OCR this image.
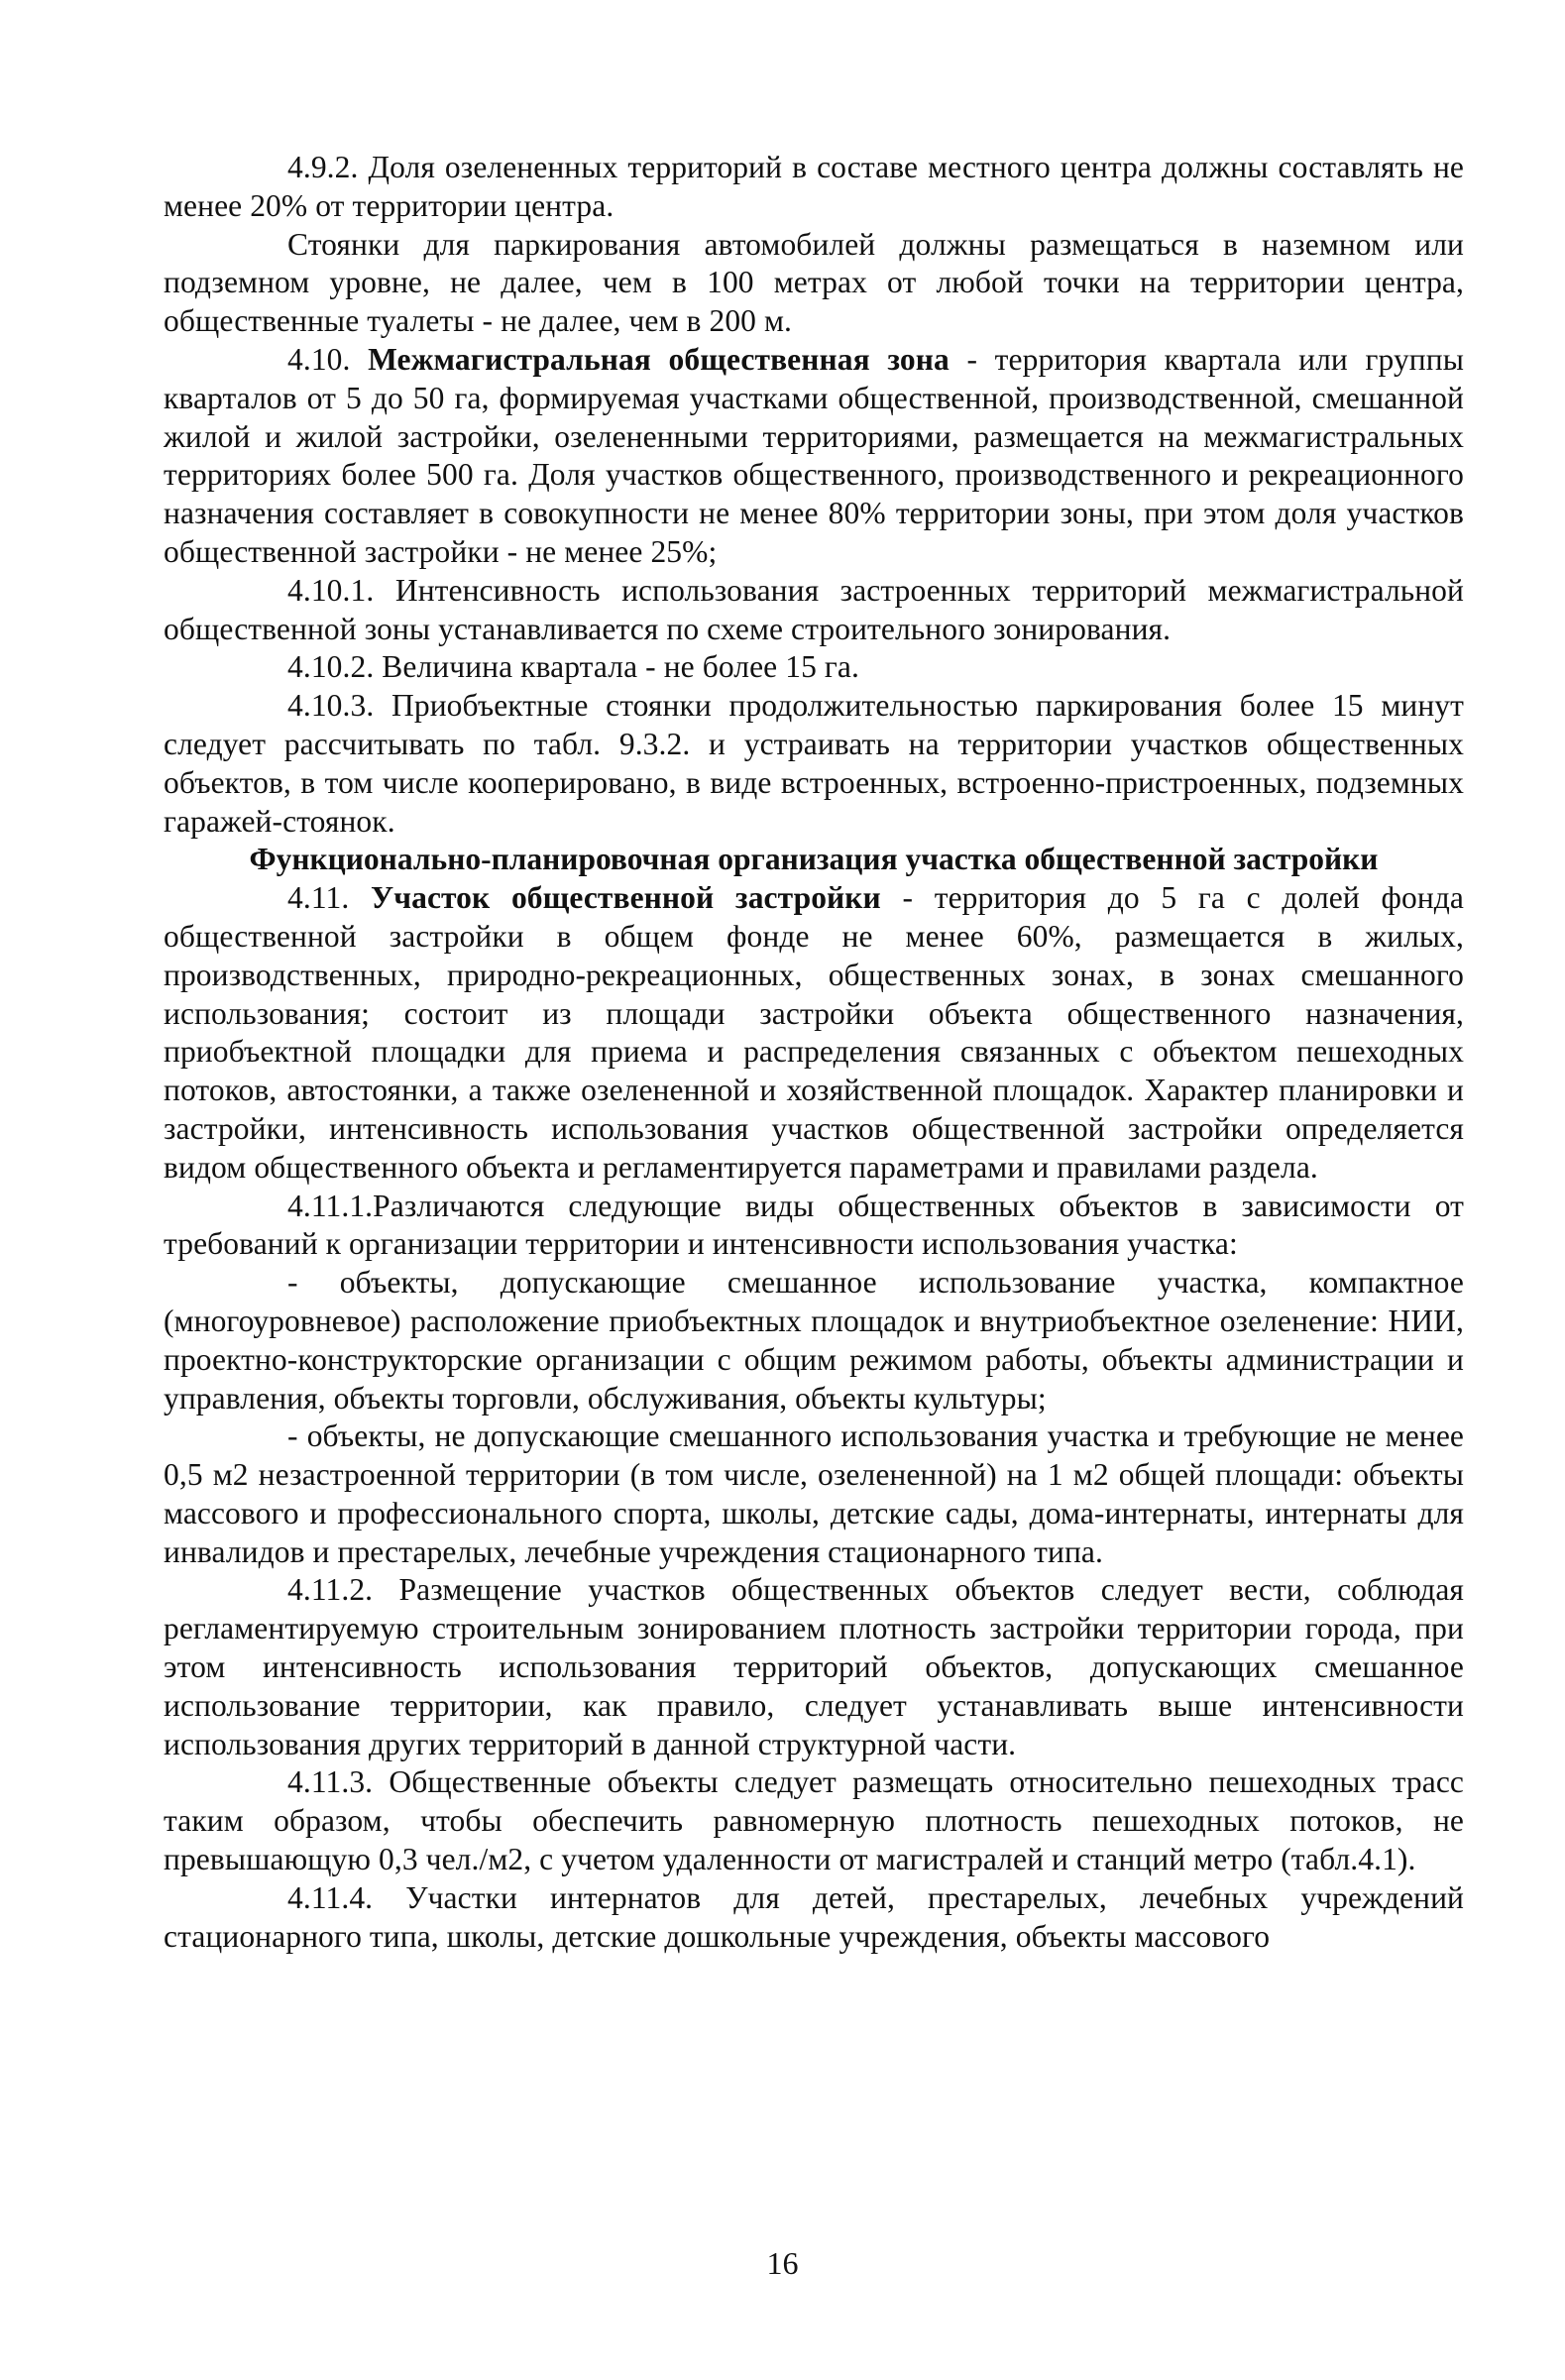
4.9.2. Доля озелененных территорий в составе местного центра должны составлять не менее 20% от территории центра.

Стоянки для паркирования автомобилей должны размещаться в наземном или подземном уровне, не далее, чем в 100 метрах от любой точки на территории центра, общественные туалеты - не далее, чем в 200 м.

4.10. Межмагистральная общественная зона - территория квартала или группы кварталов от 5 до 50 га, формируемая участками общественной, производственной, смешанной жилой и жилой застройки, озелененными территориями, размещается на межмагистральных территориях более 500 га. Доля участков общественного, производственного и рекреационного назначения составляет в совокупности не менее 80% территории зоны, при этом доля участков общественной застройки - не менее 25%;

4.10.1. Интенсивность использования застроенных территорий межмагистральной общественной зоны устанавливается по схеме строительного зонирования.

4.10.2. Величина квартала - не более 15 га.

4.10.3. Приобъектные стоянки продолжительностью паркирования более 15 минут следует рассчитывать по табл. 9.3.2. и устраивать на территории участков общественных объектов, в том числе кооперировано, в виде встроенных, встроенно-пристроенных, подземных гаражей-стоянок.

Функционально-планировочная организация участка общественной застройки

4.11. Участок общественной застройки - территория до 5 га с долей фонда общественной застройки в общем фонде не менее 60%, размещается в жилых, производственных, природно-рекреационных, общественных зонах, в зонах смешанного использования; состоит из площади застройки объекта общественного назначения, приобъектной площадки для приема и распределения связанных с объектом пешеходных потоков, автостоянки, а также озелененной и хозяйственной площадок. Характер планировки и застройки, интенсивность использования участков общественной застройки определяется видом общественного объекта и регламентируется параметрами и правилами раздела.

4.11.1.Различаются следующие виды общественных объектов в зависимости от требований к организации территории и интенсивности использования участка:

- объекты, допускающие смешанное использование участка, компактное (многоуровневое) расположение приобъектных площадок и внутриобъектное озеленение: НИИ, проектно-конструкторские организации с общим режимом работы, объекты администрации и управления, объекты торговли, обслуживания, объекты культуры;

- объекты, не допускающие смешанного использования участка и требующие не менее 0,5 м2 незастроенной территории (в том числе, озелененной) на 1 м2 общей площади: объекты массового и профессионального спорта, школы, детские сады, дома-интернаты, интернаты для инвалидов и престарелых, лечебные учреждения стационарного типа.

4.11.2. Размещение участков общественных объектов следует вести, соблюдая регламентируемую строительным зонированием плотность застройки территории города, при этом интенсивность использования территорий объектов, допускающих смешанное использование территории, как правило, следует устанавливать выше интенсивности использования других территорий в данной структурной части.

4.11.3. Общественные объекты следует размещать относительно пешеходных трасс таким образом, чтобы обеспечить равномерную плотность пешеходных потоков, не превышающую 0,3 чел./м2, с учетом удаленности от магистралей и станций метро (табл.4.1).

4.11.4. Участки интернатов для детей, престарелых, лечебных учреждений стационарного типа, школы, детские дошкольные учреждения, объекты массового

16
